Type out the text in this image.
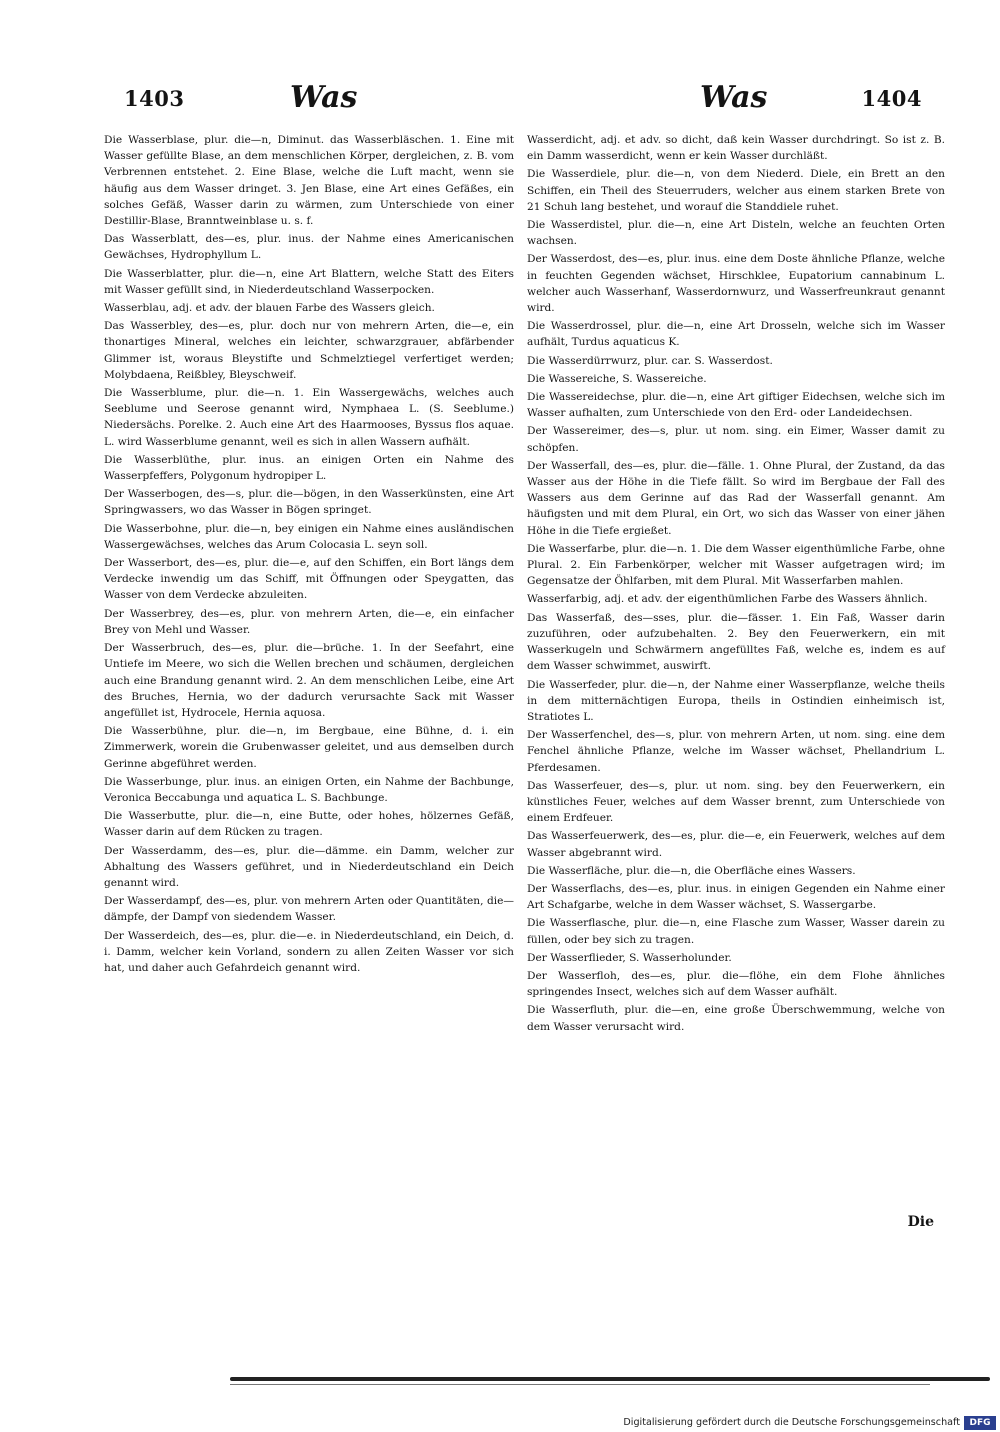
1403	Was	Was	1404

Die Wasserblase, plur. die—n, Diminut. das Wasserbläschen. 1. Eine mit Wasser gefüllte Blase, an dem menschlichen Körper, dergleichen, z. B. vom Verbrennen entstehet. 2. Eine Blase, welche die Luft macht, wenn sie häufig aus dem Wasser dringet. 3. Jen Blase, eine Art eines Gefäßes, ein solches Gefäß, Wasser darin zu wärmen, zum Unterschiede von einer Destillir-Blase, Branntweinblase u. s. f.

Das Wasserblatt, des—es, plur. inus. der Nahme eines Americanischen Gewächses, Hydrophyllum L.

Die Wasserblatter, plur. die—n, eine Art Blattern, welche Statt des Eiters mit Wasser gefüllt sind, in Niederdeutschland Wasserpocken.

Wasserblau, adj. et adv. der blauen Farbe des Wassers gleich.

Das Wasserbley, des—es, plur. doch nur von mehrern Arten, die—e, ein thonartiges Mineral, welches ein leichter, schwarzgrauer, abfärbender Glimmer ist, woraus Bleystifte und Schmelztiegel verfertiget werden; Molybdaena, Reißbley, Bleyschweif.

Die Wasserblume, plur. die—n. 1. Ein Wassergewächs, welches auch Seeblume und Seerose genannt wird, Nymphaea L. (S. Seeblume.) Niedersächs. Porelke. 2. Auch eine Art des Haarmooses, Byssus flos aquae. L. wird Wasserblume genannt, weil es sich in allen Wassern aufhält.

Die Wasserblüthe, plur. inus. an einigen Orten ein Nahme des Wasserpfeffers, Polygonum hydropiper L.

Der Wasserbogen, des—s, plur. die—bögen, in den Wasserkünsten, eine Art Springwassers, wo das Wasser in Bögen springet.

Die Wasserbohne, plur. die—n, bey einigen ein Nahme eines ausländischen Wassergewächses, welches das Arum Colocasia L. seyn soll.

Der Wasserbort, des—es, plur. die—e, auf den Schiffen, ein Bort längs dem Verdecke inwendig um das Schiff, mit Öffnungen oder Speygatten, das Wasser von dem Verdecke abzuleiten.

Der Wasserbrey, des—es, plur. von mehrern Arten, die—e, ein einfacher Brey von Mehl und Wasser.

Der Wasserbruch, des—es, plur. die—brüche. 1. In der Seefahrt, eine Untiefe im Meere, wo sich die Wellen brechen und schäumen, dergleichen auch eine Brandung genannt wird. 2. An dem menschlichen Leibe, eine Art des Bruches, Hernia, wo der dadurch verursachte Sack mit Wasser angefüllet ist, Hydrocele, Hernia aquosa.

Die Wasserbühne, plur. die—n, im Bergbaue, eine Bühne, d. i. ein Zimmerwerk, worein die Grubenwasser geleitet, und aus demselben durch Gerinne abgeführet werden.

Die Wasserbunge, plur. inus. an einigen Orten, ein Nahme der Bachbunge, Veronica Beccabunga und aquatica L. S. Bachbunge.

Die Wasserbutte, plur. die—n, eine Butte, oder hohes, hölzernes Gefäß, Wasser darin auf dem Rücken zu tragen.

Der Wasserdamm, des—es, plur. die—dämme. ein Damm, welcher zur Abhaltung des Wassers geführet, und in Niederdeutschland ein Deich genannt wird.

Der Wasserdampf, des—es, plur. von mehrern Arten oder Quantitäten, die—dämpfe, der Dampf von siedendem Wasser.

Der Wasserdeich, des—es, plur. die—e. in Niederdeutschland, ein Deich, d. i. Damm, welcher kein Vorland, sondern zu allen Zeiten Wasser vor sich hat, und daher auch Gefahrdeich genannt wird.

Wasserdicht, adj. et adv. so dicht, daß kein Wasser durchdringt. So ist z. B. ein Damm wasserdicht, wenn er kein Wasser durchläßt.

Die Wasserdiele, plur. die—n, von dem Niederd. Diele, ein Brett an den Schiffen, ein Theil des Steuerruders, welcher aus einem starken Brete von 21 Schuh lang bestehet, und worauf die Standdiele ruhet.

Die Wasserdistel, plur. die—n, eine Art Disteln, welche an feuchten Orten wachsen.

Der Wasserdost, des—es, plur. inus. eine dem Doste ähnliche Pflanze, welche in feuchten Gegenden wächset, Hirschklee, Eupatorium cannabinum L. welcher auch Wasserhanf, Wasserdornwurz, und Wasserfreunkraut genannt wird.

Die Wasserdrossel, plur. die—n, eine Art Drosseln, welche sich im Wasser aufhält, Turdus aquaticus K.

Die Wasserdürrwurz, plur. car. S. Wasserdost.

Die Wassereiche, S. Wassereiche.

Die Wassereidechse, plur. die—n, eine Art giftiger Eidechsen, welche sich im Wasser aufhalten, zum Unterschiede von den Erd- oder Landeidechsen.

Der Wassereimer, des—s, plur. ut nom. sing. ein Eimer, Wasser damit zu schöpfen.

Der Wasserfall, des—es, plur. die—fälle. 1. Ohne Plural, der Zustand, da das Wasser aus der Höhe in die Tiefe fällt. So wird im Bergbaue der Fall des Wassers aus dem Gerinne auf das Rad der Wasserfall genannt. Am häufigsten und mit dem Plural, ein Ort, wo sich das Wasser von einer jähen Höhe in die Tiefe ergießet.

Die Wasserfarbe, plur. die—n. 1. Die dem Wasser eigenthümliche Farbe, ohne Plural. 2. Ein Farbenkörper, welcher mit Wasser aufgetragen wird; im Gegensatze der Öhlfarben, mit dem Plural. Mit Wasserfarben mahlen.

Wasserfarbig, adj. et adv. der eigenthümlichen Farbe des Wassers ähnlich.

Das Wasserfaß, des—sses, plur. die—fässer. 1. Ein Faß, Wasser darin zuzuführen, oder aufzubehalten. 2. Bey den Feuerwerkern, ein mit Wasserkugeln und Schwärmern angefülltes Faß, welche es, indem es auf dem Wasser schwimmet, auswirft.

Die Wasserfeder, plur. die—n, der Nahme einer Wasserpflanze, welche theils in dem mitternächtigen Europa, theils in Ostindien einheimisch ist, Stratiotes L.

Der Wasserfenchel, des—s, plur. von mehrern Arten, ut nom. sing. eine dem Fenchel ähnliche Pflanze, welche im Wasser wächset, Phellandrium L. Pferdesamen.

Das Wasserfeuer, des—s, plur. ut nom. sing. bey den Feuerwerkern, ein künstliches Feuer, welches auf dem Wasser brennt, zum Unterschiede von einem Erdfeuer.

Das Wasserfeuerwerk, des—es, plur. die—e, ein Feuerwerk, welches auf dem Wasser abgebrannt wird.

Die Wasserfläche, plur. die—n, die Oberfläche eines Wassers.

Der Wasserflachs, des—es, plur. inus. in einigen Gegenden ein Nahme einer Art Schafgarbe, welche in dem Wasser wächset, S. Wassergarbe.

Die Wasserflasche, plur. die—n, eine Flasche zum Wasser, Wasser darein zu füllen, oder bey sich zu tragen.

Der Wasserflieder, S. Wasserholunder.

Der Wasserfloh, des—es, plur. die—flöhe, ein dem Flohe ähnliches springendes Insect, welches sich auf dem Wasser aufhält.

Die Wasserfluth, plur. die—en, eine große Überschwemmung, welche von dem Wasser verursacht wird.

Die
Digitalisierung gefördert durch die Deutsche Forschungsgemeinschaft	DFG
